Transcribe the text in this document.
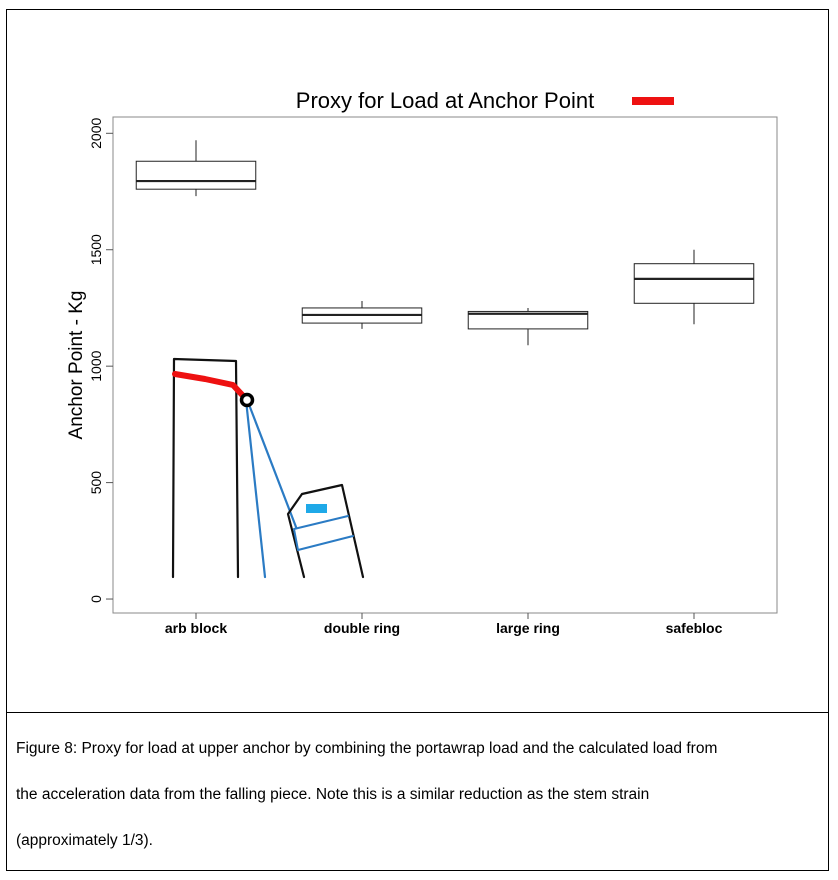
Proxy for Load at Anchor Point
Anchor Point - Kg
0
500
1000
1500
2000
arb block	double ring	large ring	safebloc

Figure 8: Proxy for load at upper anchor by combining the portawrap load and the calculated load from

the acceleration data from the falling piece. Note this is a similar reduction as the stem strain

(approximately 1/3).
